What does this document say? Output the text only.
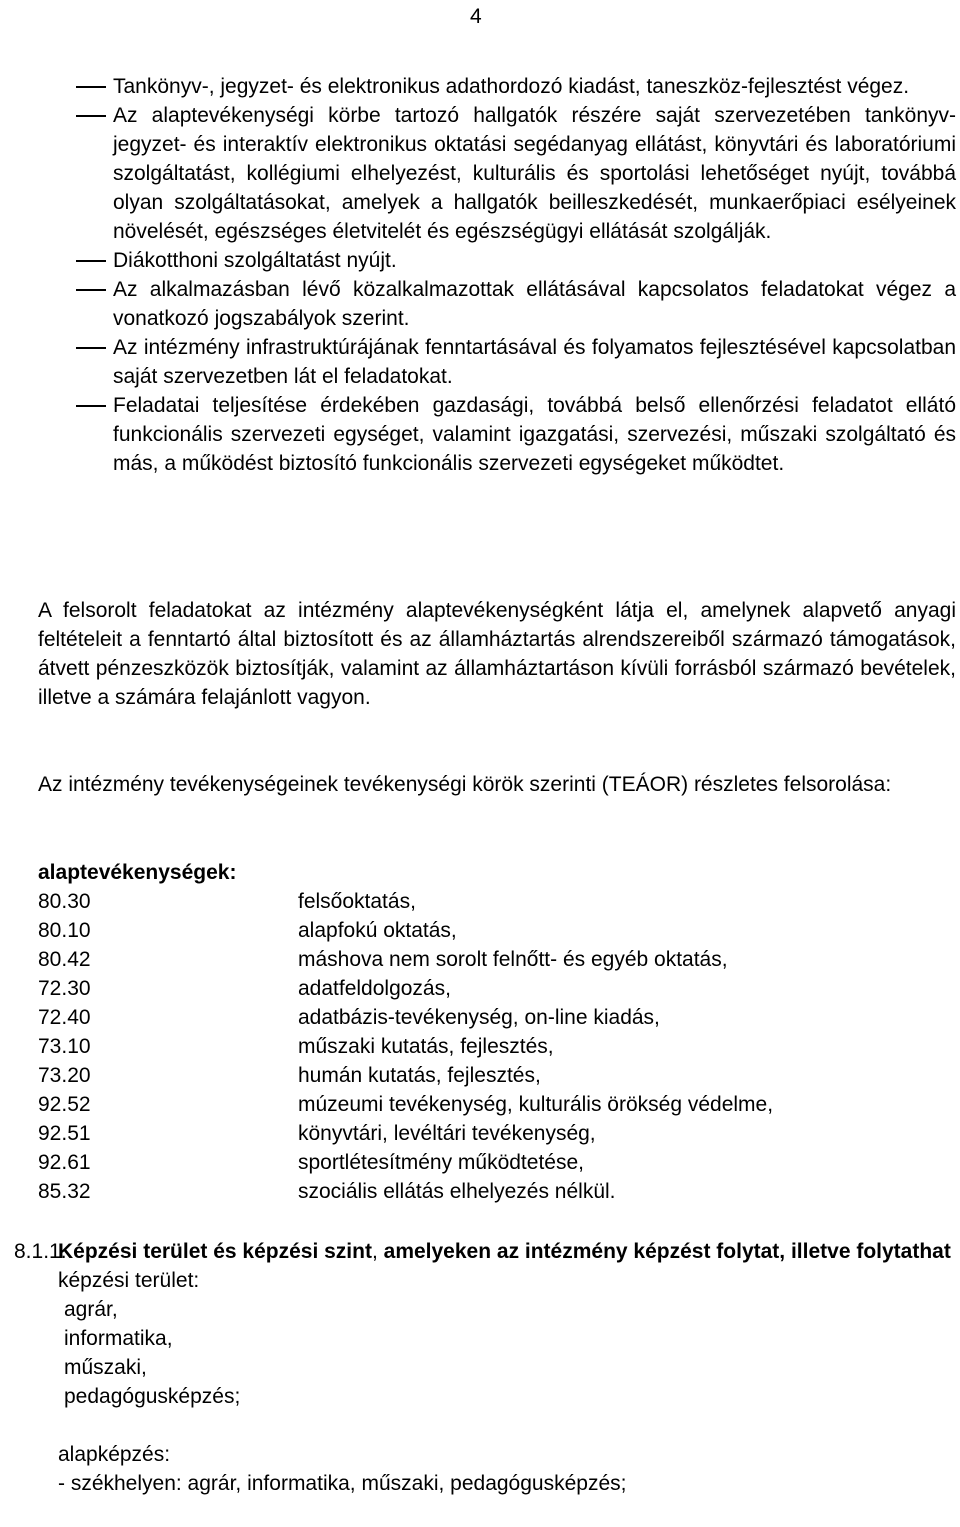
4
Tankönyv-, jegyzet- és elektronikus adathordozó kiadást, taneszköz-fejlesztést végez.
Az alaptevékenységi körbe tartozó hallgatók részére saját szervezetében tankönyv- jegyzet- és interaktív elektronikus oktatási segédanyag ellátást, könyvtári és laboratóriumi szolgáltatást, kollégiumi elhelyezést, kulturális és sportolási lehetőséget nyújt, továbbá olyan szolgáltatásokat, amelyek a hallgatók beilleszkedését, munkaerőpiaci esélyeinek növelését, egészséges életvitelét és egészségügyi ellátását szolgálják.
Diákotthoni szolgáltatást nyújt.
Az alkalmazásban lévő közalkalmazottak ellátásával kapcsolatos feladatokat végez a vonatkozó jogszabályok szerint.
Az intézmény infrastruktúrájának fenntartásával és folyamatos fejlesztésével kapcsolatban saját szervezetben lát el feladatokat.
Feladatai teljesítése érdekében gazdasági, továbbá belső ellenőrzési feladatot ellátó funkcionális szervezeti egységet, valamint igazgatási, szervezési, műszaki szolgáltató és más, a működést biztosító funkcionális szervezeti egységeket működtet.
A felsorolt feladatokat az intézmény alaptevékenységként látja el, amelynek alapvető anyagi feltételeit a fenntartó által biztosított és az államháztartás alrendszereiből származó támogatások, átvett pénzeszközök biztosítják, valamint az államháztartáson kívüli forrásból származó bevételek, illetve a számára felajánlott vagyon.
Az intézmény tevékenységeinek tevékenységi körök szerinti (TEÁOR) részletes felsorolása:
alaptevékenységek:
80.30	felsőoktatás,
80.10	alapfokú oktatás,
80.42	máshova nem sorolt felnőtt- és egyéb oktatás,
72.30	adatfeldolgozás,
72.40	adatbázis-tevékenység, on-line kiadás,
73.10	műszaki kutatás, fejlesztés,
73.20	humán kutatás, fejlesztés,
92.52	múzeumi tevékenység, kulturális örökség védelme,
92.51	könyvtári, levéltári tevékenység,
92.61	sportlétesítmény működtetése,
85.32	szociális ellátás elhelyezés nélkül.
8.1.1.
Képzési terület és képzési szint, amelyeken az intézmény képzést folytat, illetve folytathat
képzési terület:
agrár,
informatika,
műszaki,
pedagógusképzés;
alapképzés:
- székhelyen: agrár, informatika, műszaki, pedagógusképzés;
